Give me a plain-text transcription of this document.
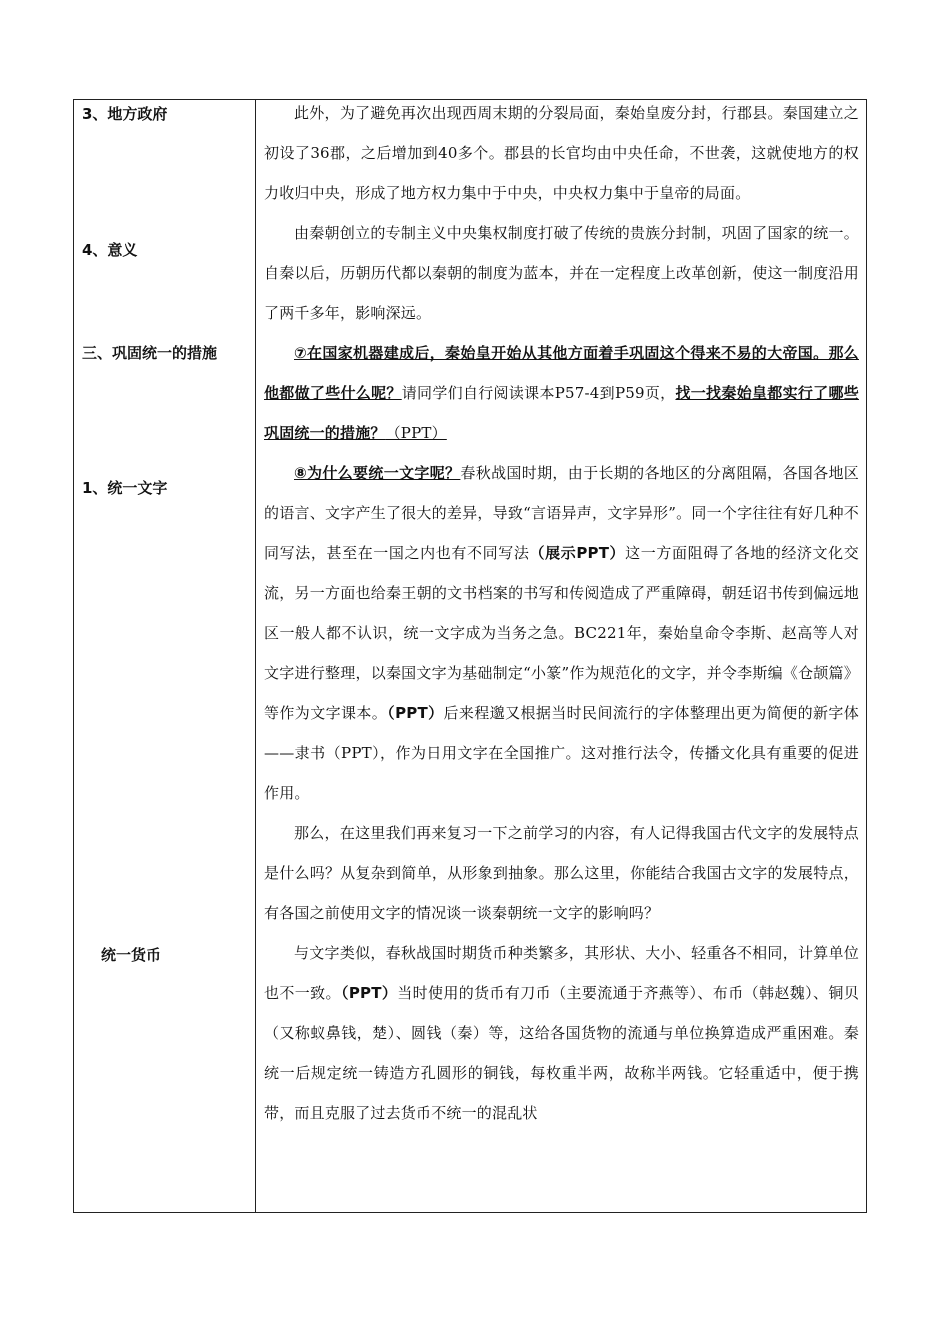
3、地方政府
4、意义
三、巩固统一的措施
1、统一文字
统一货币

此外，为了避免再次出现西周末期的分裂局面，秦始皇废分封，行郡县。秦国建立之初设了36郡，之后增加到40多个。郡县的长官均由中央任命，不世袭，这就使地方的权力收归中央，形成了地方权力集中于中央，中央权力集中于皇帝的局面。

由秦朝创立的专制主义中央集权制度打破了传统的贵族分封制，巩固了国家的统一。自秦以后，历朝历代都以秦朝的制度为蓝本，并在一定程度上改革创新，使这一制度沿用了两千多年，影响深远。

⑦在国家机器建成后，秦始皇开始从其他方面着手巩固这个得来不易的大帝国。那么他都做了些什么呢？请同学们自行阅读课本P57-4到P59页，找一找秦始皇都实行了哪些巩固统一的措施？（PPT）

⑧为什么要统一文字呢？春秋战国时期，由于长期的各地区的分离阻隔，各国各地区的语言、文字产生了很大的差异，导致“言语异声，文字异形”。同一个字往往有好几种不同写法，甚至在一国之内也有不同写法（展示PPT）这一方面阻碍了各地的经济文化交流，另一方面也给秦王朝的文书档案的书写和传阅造成了严重障碍，朝廷诏书传到偏远地区一般人都不认识，统一文字成为当务之急。BC221年，秦始皇命令李斯、赵高等人对文字进行整理，以秦国文字为基础制定“小篆”作为规范化的文字，并令李斯编《仓颉篇》等作为文字课本。（PPT）后来程邈又根据当时民间流行的字体整理出更为简便的新字体——隶书（PPT），作为日用文字在全国推广。这对推行法令，传播文化具有重要的促进作用。

那么，在这里我们再来复习一下之前学习的内容，有人记得我国古代文字的发展特点是什么吗？从复杂到简单，从形象到抽象。那么这里，你能结合我国古文字的发展特点，有各国之前使用文字的情况谈一谈秦朝统一文字的影响吗？

与文字类似，春秋战国时期货币种类繁多，其形状、大小、轻重各不相同，计算单位也不一致。（PPT）当时使用的货币有刀币（主要流通于齐燕等）、布币（韩赵魏）、铜贝（又称蚁鼻钱，楚）、圆钱（秦）等，这给各国货物的流通与单位换算造成严重困难。秦统一后规定统一铸造方孔圆形的铜钱，每枚重半两，故称半两钱。它轻重适中，便于携带，而且克服了过去货币不统一的混乱状
